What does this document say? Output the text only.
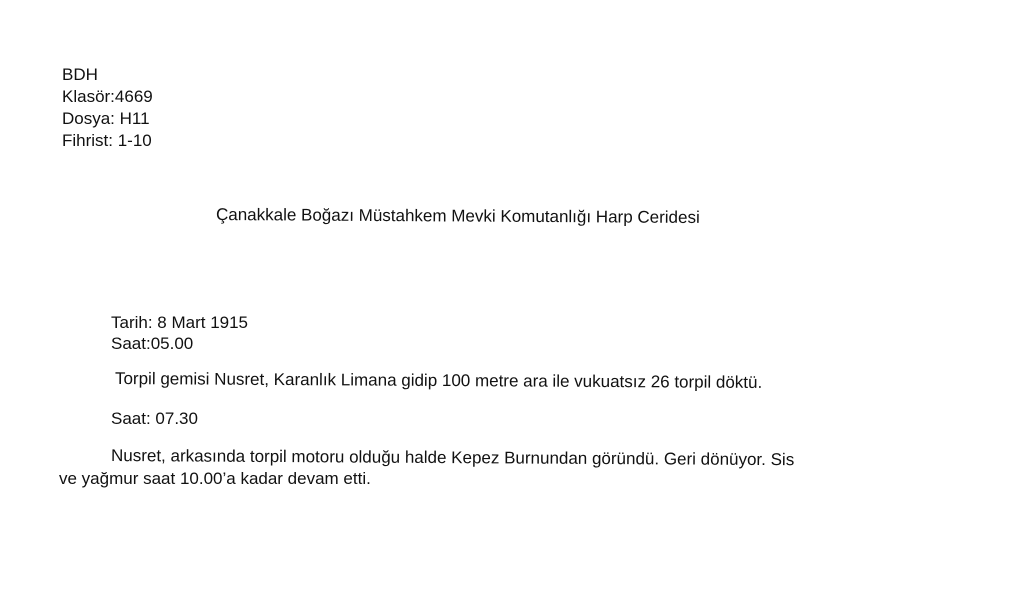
BDH
Klasör:4669
Dosya: H11
Fihrist: 1-10
Çanakkale Boğazı Müstahkem Mevki Komutanlığı Harp Ceridesi
Tarih: 8 Mart 1915
Saat:05.00
Torpil gemisi Nusret, Karanlık Limana gidip 100 metre ara ile vukuatsız 26 torpil döktü.
Saat: 07.30
Nusret, arkasında torpil motoru olduğu halde Kepez Burnundan göründü. Geri dönüyor. Sis
ve yağmur saat 10.00’a kadar devam etti.
